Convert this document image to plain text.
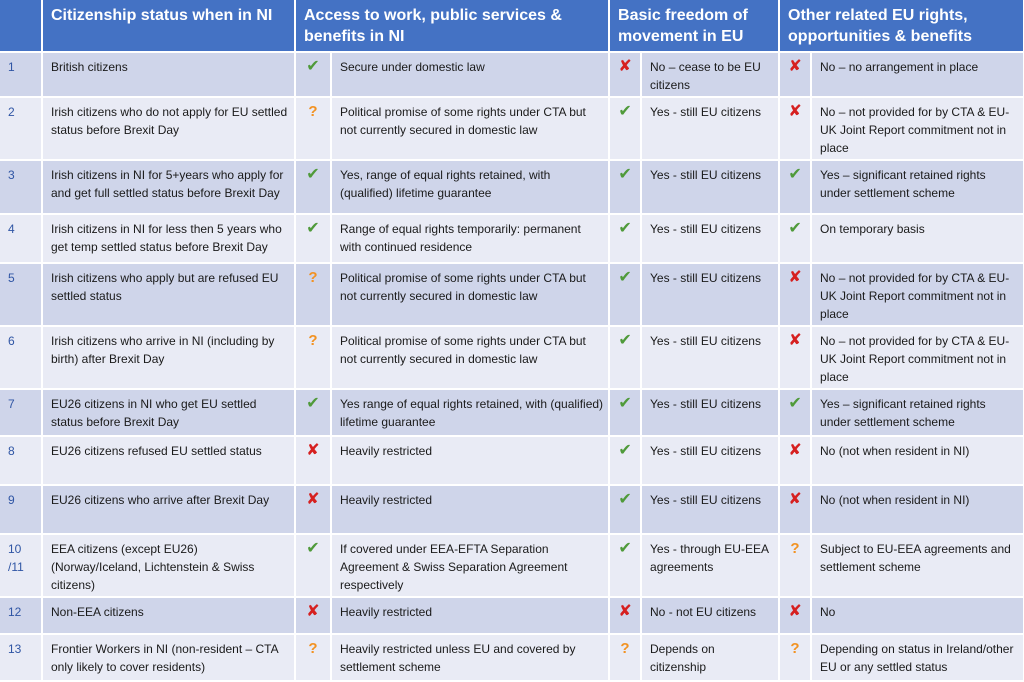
	Citizenship status when in NI	Access to work, public services & benefits in NI		Basic freedom of movement in EU		Other related EU rights, opportunities & benefits	
1	British citizens	✔	Secure under domestic law	✘	No – cease to be EU citizens	✘	No – no arrangement in place
2	Irish citizens who do not apply for EU settled status before Brexit Day	?	Political promise of some rights under CTA but not currently secured in domestic law	✔	Yes - still EU citizens	✘	No – not provided for by CTA & EU-UK Joint Report commitment not in place
3	Irish citizens in NI for 5+years who apply for and get full settled status before Brexit Day	✔	Yes, range of equal rights retained, with (qualified) lifetime guarantee	✔	Yes - still EU citizens	✔	Yes – significant retained rights under settlement scheme
4	Irish citizens in NI for less then 5 years who get temp settled status before Brexit Day	✔	Range of equal rights temporarily: permanent with continued residence	✔	Yes - still EU citizens	✔	On temporary basis
5	Irish citizens who apply but are refused EU settled status	?	Political promise of some rights under CTA but not currently secured in domestic law	✔	Yes - still EU citizens	✘	No – not provided for by CTA & EU-UK Joint Report commitment not in place
6	Irish citizens who arrive in NI (including by birth) after Brexit Day	?	Political promise of some rights under CTA but not currently secured in domestic law	✔	Yes - still EU citizens	✘	No – not provided for by CTA & EU-UK Joint Report commitment not in place
7	EU26 citizens in NI who get EU settled status before Brexit Day	✔	Yes range of equal rights retained, with (qualified) lifetime guarantee	✔	Yes - still EU citizens	✔	Yes – significant retained rights under settlement scheme
8	EU26 citizens refused EU settled status	✘	Heavily restricted	✔	Yes - still EU citizens	✘	No (not when resident in NI)
9	EU26 citizens who arrive after Brexit Day	✘	Heavily restricted	✔	Yes - still EU citizens	✘	No (not when resident in NI)
10 /11	EEA citizens (except EU26) (Norway/Iceland, Lichtenstein & Swiss citizens)	✔	If covered under EEA-EFTA Separation Agreement & Swiss Separation Agreement respectively	✔	Yes - through EU-EEA agreements	?	Subject to EU-EEA agreements and settlement scheme
12	Non-EEA citizens	✘	Heavily restricted	✘	No - not EU citizens	✘	No
13	Frontier Workers in NI (non-resident – CTA only likely to cover residents)	?	Heavily restricted unless EU and covered by settlement scheme	?	Depends on citizenship	?	Depending on status in Ireland/other EU or any settled status
